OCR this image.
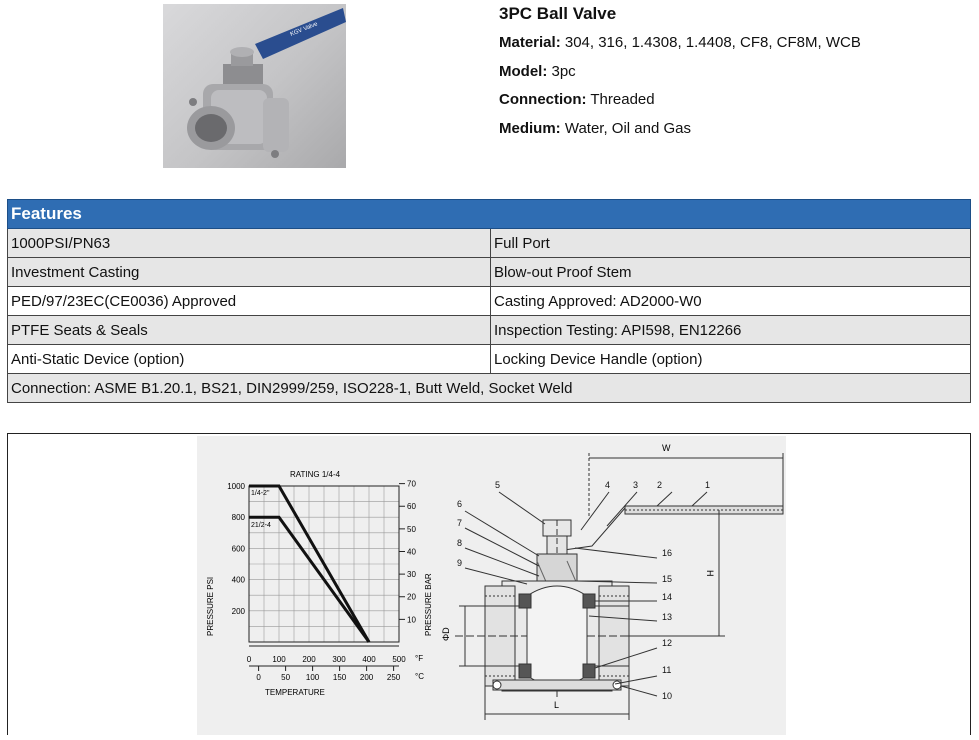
KGV Valve
3PC Ball Valve
Material: 304, 316, 1.4308, 1.4408, CF8, CF8M, WCB
Model: 3pc
Connection: Threaded
Medium: Water, Oil and Gas
Features	
1000PSI/PN63	Full Port
Investment Casting	Blow-out Proof Stem
PED/97/23EC(CE0036) Approved	Casting Approved: AD2000-W0
PTFE Seats & Seals	Inspection Testing: API598, EN12266
Anti-Static Device (option)	Locking Device Handle (option)
Connection: ASME B1.20.1, BS21, DIN2999/259, ISO228-1, Butt Weld, Socket Weld	
RATING 1/4-4
1000
800
600
400
200
70
60
50
40
30
20
10
0	100 200 300 400 500
0	50 100 150 200 250
1/4-2"
21/2-4
PRESSURE PSI	PRESSURE BAR
°F
°C
TEMPERATURE
W
H
L
ΦD
1
2
3
4
5
6
7
8
9
10
11
12
13
14
15
16
